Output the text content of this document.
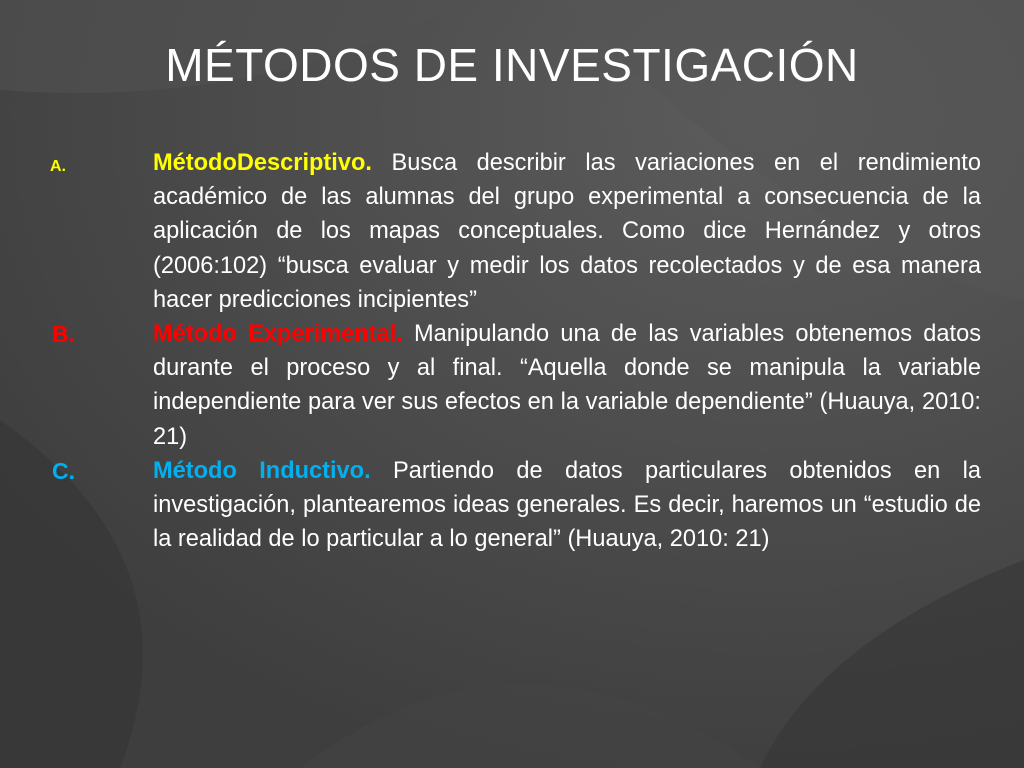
MÉTODOS DE INVESTIGACIÓN
A.	MétodoDescriptivo. Busca describir las variaciones en el rendimiento académico de las alumnas del grupo experimental a consecuencia de la aplicación de los mapas conceptuales. Como dice Hernández y otros (2006:102) “busca evaluar y medir los datos recolectados y de esa manera hacer predicciones incipientes”

B.	Método Experimental. Manipulando una de las variables obtenemos datos durante el proceso y al final. “Aquella donde se manipula la variable independiente para ver sus efectos en la variable dependiente” (Huauya, 2010: 21)

C.	Método Inductivo. Partiendo de datos particulares obtenidos en la investigación, plantearemos ideas generales. Es decir, haremos un “estudio de la realidad de lo particular a lo general” (Huauya, 2010: 21)
